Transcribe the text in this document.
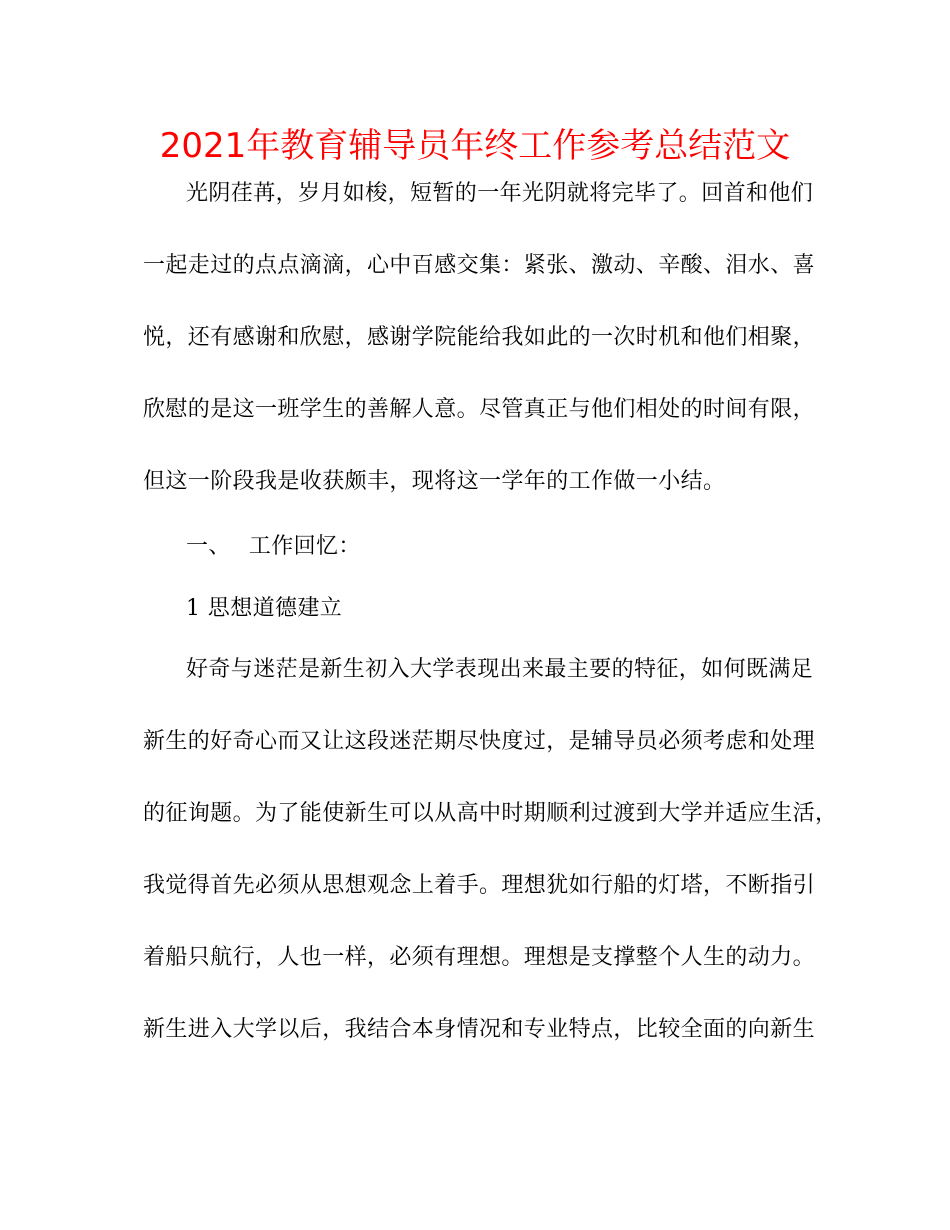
2021年教育辅导员年终工作参考总结范文
光阴荏苒，岁月如梭，短暂的一年光阴就将完毕了。回首和他们
一起走过的点点滴滴，心中百感交集：紧张、激动、辛酸、泪水、喜
悦，还有感谢和欣慰，感谢学院能给我如此的一次时机和他们相聚，
欣慰的是这一班学生的善解人意。尽管真正与他们相处的时间有限，
但这一阶段我是收获颇丰，现将这一学年的工作做一小结。
一、 工作回忆：
1 思想道德建立
好奇与迷茫是新生初入大学表现出来最主要的特征，如何既满足
新生的好奇心而又让这段迷茫期尽快度过，是辅导员必须考虑和处理
的征询题。为了能使新生可以从高中时期顺利过渡到大学并适应生活，
我觉得首先必须从思想观念上着手。理想犹如行船的灯塔，不断指引
着船只航行，人也一样，必须有理想。理想是支撑整个人生的动力。
新生进入大学以后，我结合本身情况和专业特点，比较全面的向新生
